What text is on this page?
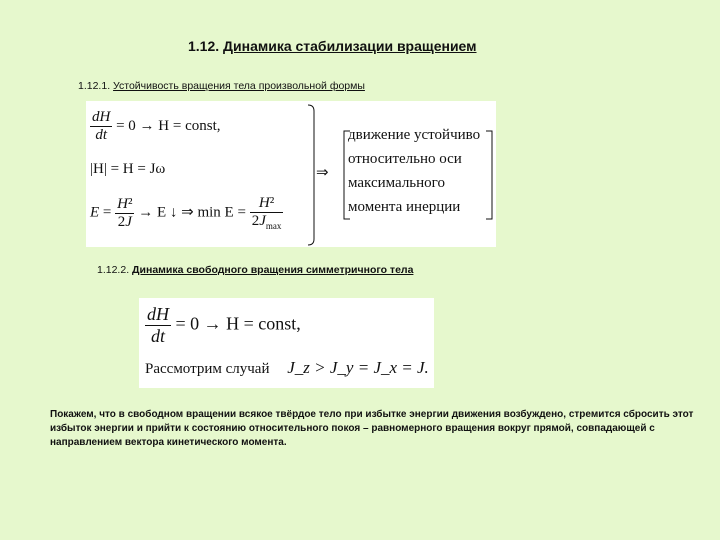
1.12. Динамика стабилизации вращением
1.12.1. Устойчивость вращения тела произвольной формы
$\frac{dH}{dt} = 0 \to H$ = const,
|H| = H = Jω
$E = \frac{\text{H²}}{2J} \to E$ ↓ ⇒ $\min E = \frac{\text{H²}}{2J_{max}}$
⇒
движение устойчиво
относительно оси
максимального
момента инерции
1.12.2. Динамика свободного вращения симметричного тела
$\frac{dH}{dt} = 0 \to H$ = const,
Рассмотрим случай J_z > J_y = J_x = J.
Покажем, что в свободном вращении всякое твёрдое тело при избытке энергии движения возбуждено, стремится сбросить этот избыток энергии и прийти к состоянию относительного покоя – равномерного вращения вокруг прямой, совпадающей с направлением вектора кинетического момента.
